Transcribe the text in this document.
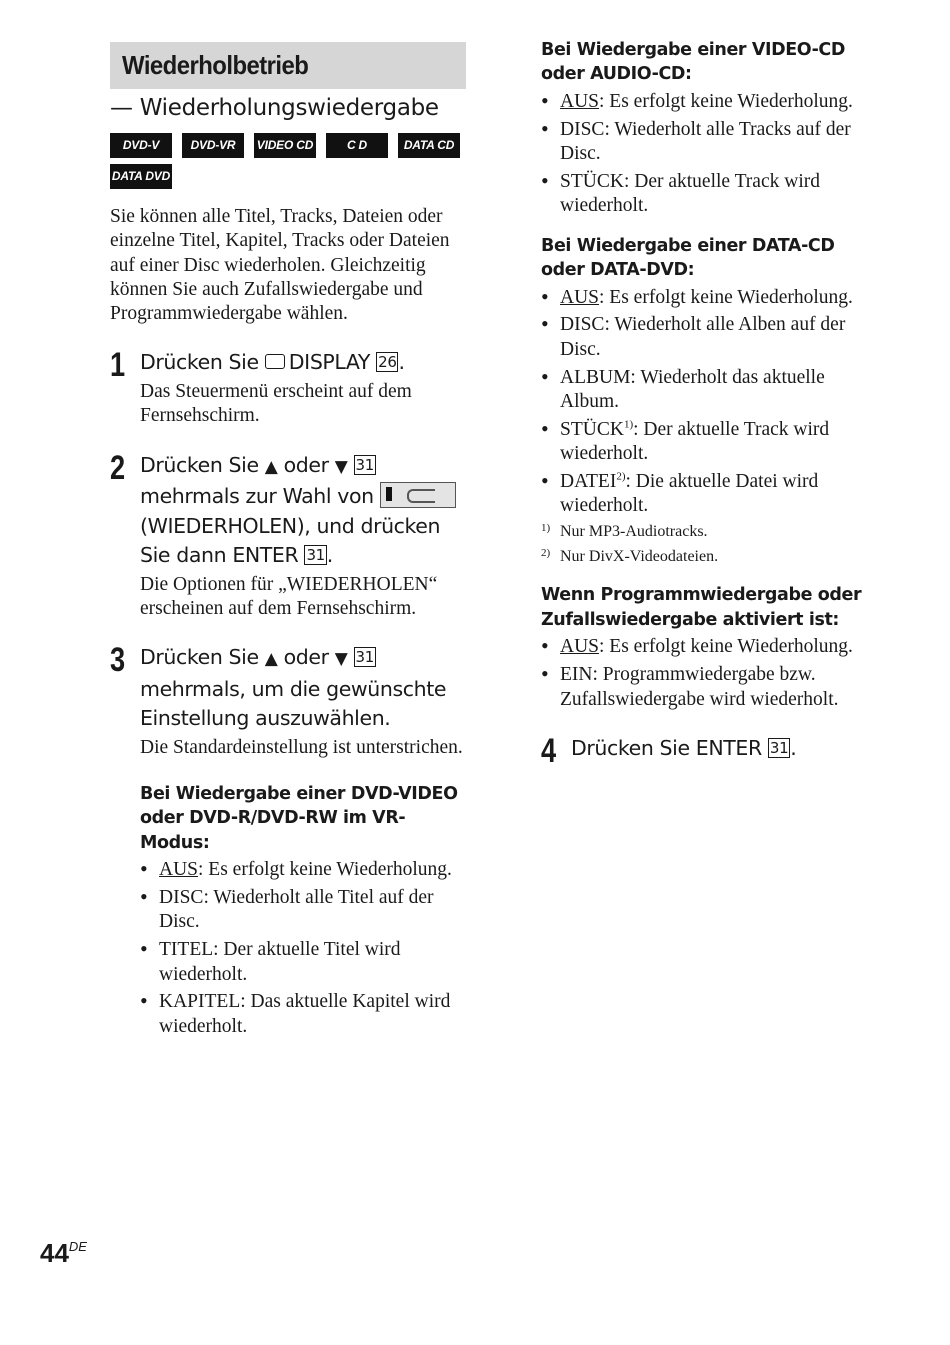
Wiederholbetrieb
— Wiederholungswiedergabe
DVD-V	DVD-VR	VIDEO CD	C D	DATA CD
DATA DVD
Sie können alle Titel, Tracks, Dateien oder einzelne Titel, Kapitel, Tracks oder Dateien auf einer Disc wiederholen. Gleichzeitig können Sie auch Zufallswiedergabe und Programmwiedergabe wählen.
1 Drücken Sie DISPLAY 26.
Das Steuermenü erscheint auf dem Fernsehschirm.
2 Drücken Sie ▲ oder ▼ 31 mehrmals zur Wahl von
(WIEDERHOLEN), und drücken Sie dann ENTER 31.
Die Optionen für „WIEDERHOLEN“ erscheinen auf dem Fernsehschirm.
3 Drücken Sie ▲ oder ▼ 31 mehrmals, um die gewünschte Einstellung auszuwählen.
Die Standardeinstellung ist unterstrichen.
Bei Wiedergabe einer DVD-VIDEO oder DVD-R/DVD-RW im VR-Modus:
• AUS: Es erfolgt keine Wiederholung.
• DISC: Wiederholt alle Titel auf der Disc.
• TITEL: Der aktuelle Titel wird wiederholt.
• KAPITEL: Das aktuelle Kapitel wird wiederholt.
Bei Wiedergabe einer VIDEO-CD oder AUDIO-CD:
• AUS: Es erfolgt keine Wiederholung.
• DISC: Wiederholt alle Tracks auf der Disc.
• STÜCK: Der aktuelle Track wird wiederholt.
Bei Wiedergabe einer DATA-CD oder DATA-DVD:
• AUS: Es erfolgt keine Wiederholung.
• DISC: Wiederholt alle Alben auf der Disc.
• ALBUM: Wiederholt das aktuelle Album.
• STÜCK$^{1)}$: Der aktuelle Track wird wiederholt.
• DATEI$^{2)}$: Die aktuelle Datei wird wiederholt.
1) Nur MP3-Audiotracks.
2) Nur DivX-Videodateien.
Wenn Programmwiedergabe oder Zufallswiedergabe aktiviert ist:
• AUS: Es erfolgt keine Wiederholung.
• EIN: Programmwiedergabe bzw. Zufallswiedergabe wird wiederholt.
4 Drücken Sie ENTER 31.
44DE
